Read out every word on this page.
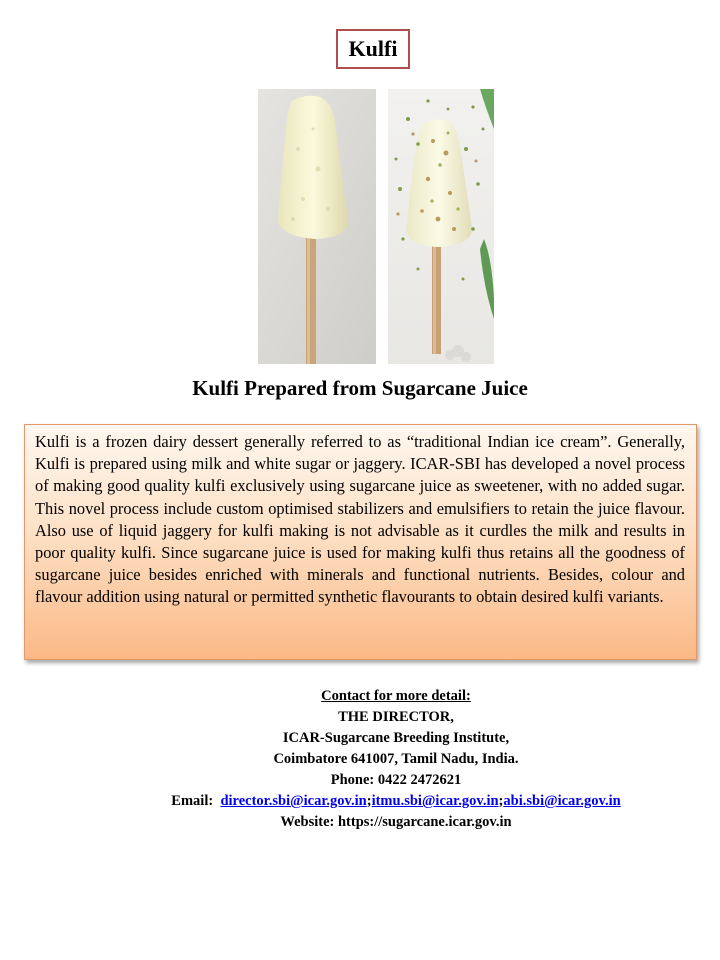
Kulfi
Kulfi Prepared from Sugarcane Juice
Kulfi is a frozen dairy dessert generally referred to as “traditional Indian ice cream”. Generally, Kulfi is prepared using milk and white sugar or jaggery. ICAR-SBI has developed a novel process of making good quality kulfi exclusively using sugarcane juice as sweetener, with no added sugar. This novel process include custom optimised stabilizers and emulsifiers to retain the juice flavour. Also use of liquid jaggery for kulfi making is not advisable as it curdles the milk and results in poor quality kulfi. Since sugarcane juice is used for making kulfi thus retains all the goodness of sugarcane juice besides enriched with minerals and functional nutrients. Besides, colour and flavour addition using natural or permitted synthetic flavourants to obtain desired kulfi variants.
Contact for more detail:
THE DIRECTOR,
ICAR-Sugarcane Breeding Institute,
Coimbatore 641007, Tamil Nadu, India.
Phone: 0422 2472621
Email: director.sbi@icar.gov.in;itmu.sbi@icar.gov.in;abi.sbi@icar.gov.in
Website: https://sugarcane.icar.gov.in
